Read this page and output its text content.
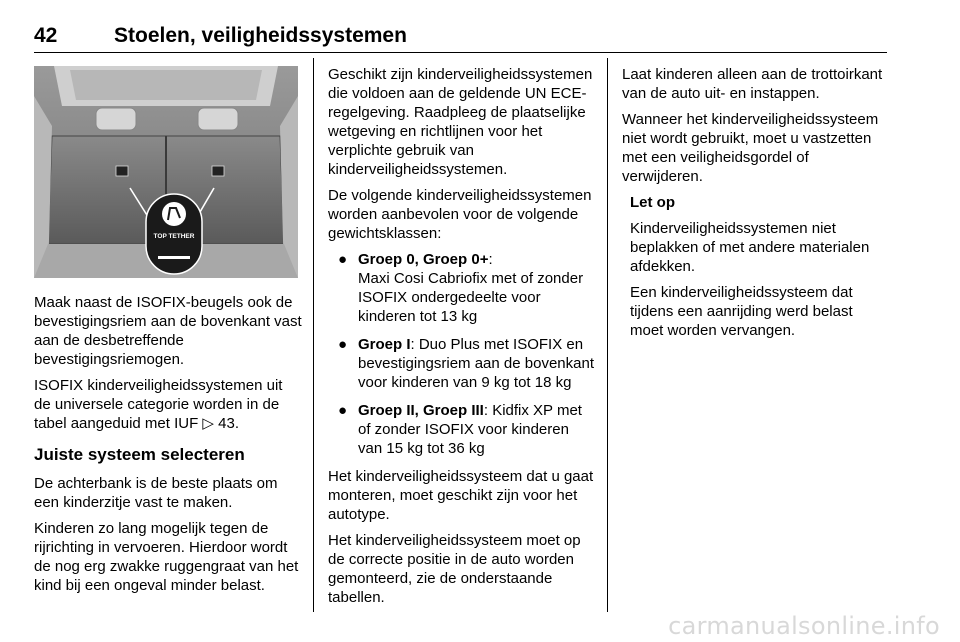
42	Stoelen, veiligheidssystemen
TOP TETHER

Maak naast de ISOFIX-beugels ook de bevestigingsriem aan de bovenkant vast aan de desbetreffende bevestigingsriemogen.

ISOFIX kinderveiligheidssystemen uit de universele categorie worden in de tabel aangeduid met IUF ▷ 43.

Juiste systeem selecteren

De achterbank is de beste plaats om een kinderzitje vast te maken.

Kinderen zo lang mogelijk tegen de rijrichting in vervoeren. Hierdoor wordt de nog erg zwakke ruggengraat van het kind bij een ongeval minder belast.

Geschikt zijn kinderveiligheidssystemen die voldoen aan de geldende UN ECE-regelgeving. Raadpleeg de plaatselijke wetgeving en richtlijnen voor het verplichte gebruik van kinderveiligheidssystemen.

De volgende kinderveiligheidssystemen worden aanbevolen voor de volgende gewichtsklassen:

● Groep 0, Groep 0+:
Maxi Cosi Cabriofix met of zonder ISOFIX ondergedeelte voor kinderen tot 13 kg
● Groep I: Duo Plus met ISOFIX en bevestigingsriem aan de bovenkant voor kinderen van 9 kg tot 18 kg
● Groep II, Groep III: Kidfix XP met of zonder ISOFIX voor kinderen van 15 kg tot 36 kg

Het kinderveiligheidssysteem dat u gaat monteren, moet geschikt zijn voor het autotype.

Het kinderveiligheidssysteem moet op de correcte positie in de auto worden gemonteerd, zie de onderstaande tabellen.

Laat kinderen alleen aan de trottoirkant van de auto uit- en instappen.

Wanneer het kinderveiligheidssysteem niet wordt gebruikt, moet u vastzetten met een veiligheidsgordel of verwijderen.

Let op

Kinderveiligheidssystemen niet beplakken of met andere materialen afdekken.

Een kinderveiligheidssysteem dat tijdens een aanrijding werd belast moet worden vervangen.

carmanualsonline.info
